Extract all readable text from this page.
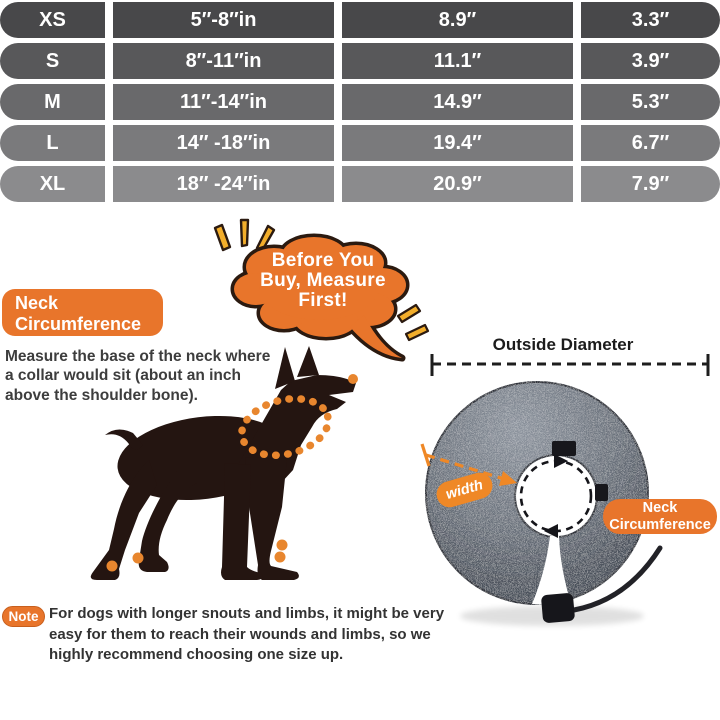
XS	5″-8″in	8.9″	3.3″
S	8″-11″in	11.1″	3.9″
M	11″-14″in	14.9″	5.3″
L	14″ -18″in	19.4″	6.7″
XL	18″ -24″in	20.9″	7.9″
Before You
Buy, Measure
First!
Neck
Circumference
Measure the base of the neck where a collar would sit (about an inch above the shoulder bone).
Outside Diameter
width
Neck
Circumference
Note For dogs with longer snouts and limbs, it might be very easy for them to reach their wounds and limbs, so we highly recommend choosing one size up.
